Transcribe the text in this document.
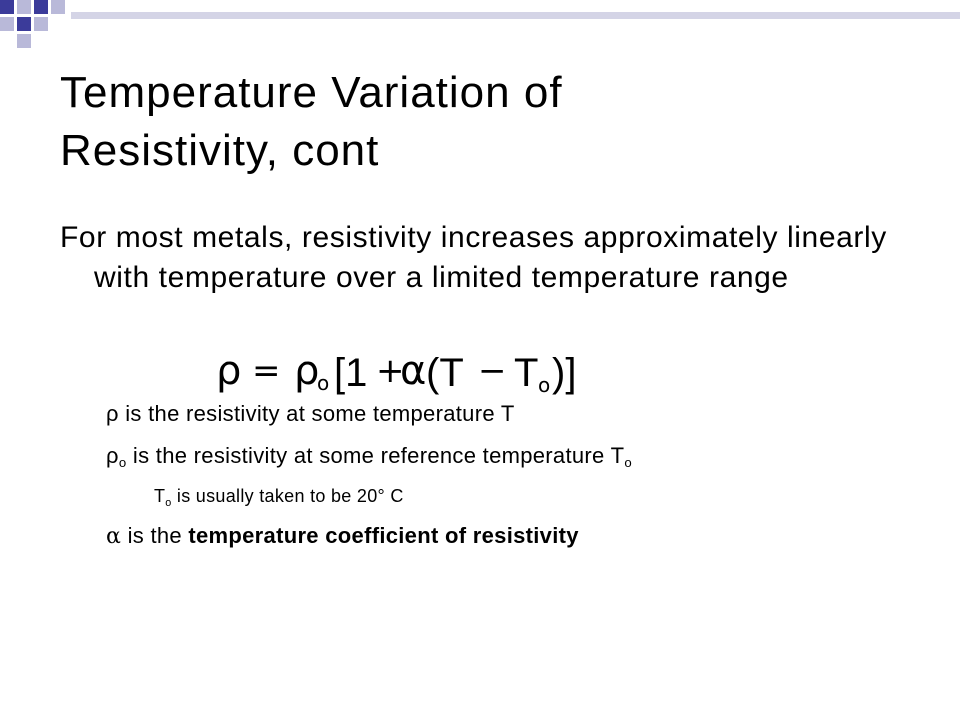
Temperature Variation of
Resistivity, cont
For most metals, resistivity increases approximately linearly with temperature over a limited temperature range
ρ = ρ
o [1 +
α (T − T o )]
ρ is the resistivity at some temperature T
$\rho_o$ is the resistivity at some reference temperature $T_o$
$T_o$ is usually taken to be 20° C
α is the temperature coefficient of resistivity
